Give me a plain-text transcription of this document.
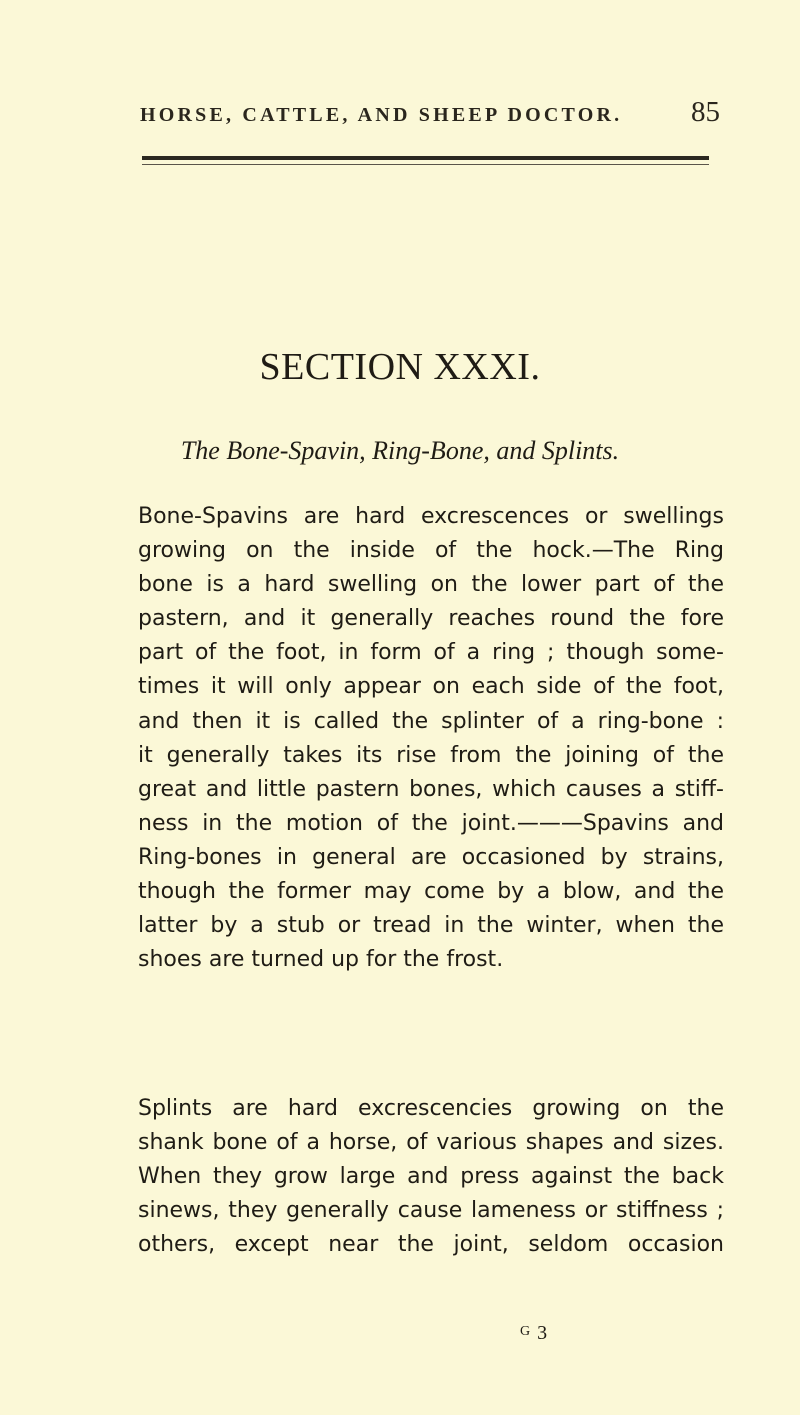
HORSE, CATTLE, AND SHEEP DOCTOR. 85
SECTION XXXI.
The Bone-Spavin, Ring-Bone, and Splints.
Bone-Spavins are hard excrescences or swellings
growing on the inside of the hock.—The Ring
bone is a hard swelling on the lower part of the
pastern, and it generally reaches round the fore
part of the foot, in form of a ring ; though some-
times it will only appear on each side of the foot,
and then it is called the splinter of a ring-bone :
it generally takes its rise from the joining of the
great and little pastern bones, which causes a stiff-
ness in the motion of the joint.———Spavins and
Ring-bones in general are occasioned by strains,
though the former may come by a blow, and the
latter by a stub or tread in the winter, when the
shoes are turned up for the frost.
Splints are hard excrescencies growing on the
shank bone of a horse, of various shapes and sizes.
When they grow large and press against the back
sinews, they generally cause lameness or stiffness ;
others, except near the joint, seldom occasion
$^G$ 3
